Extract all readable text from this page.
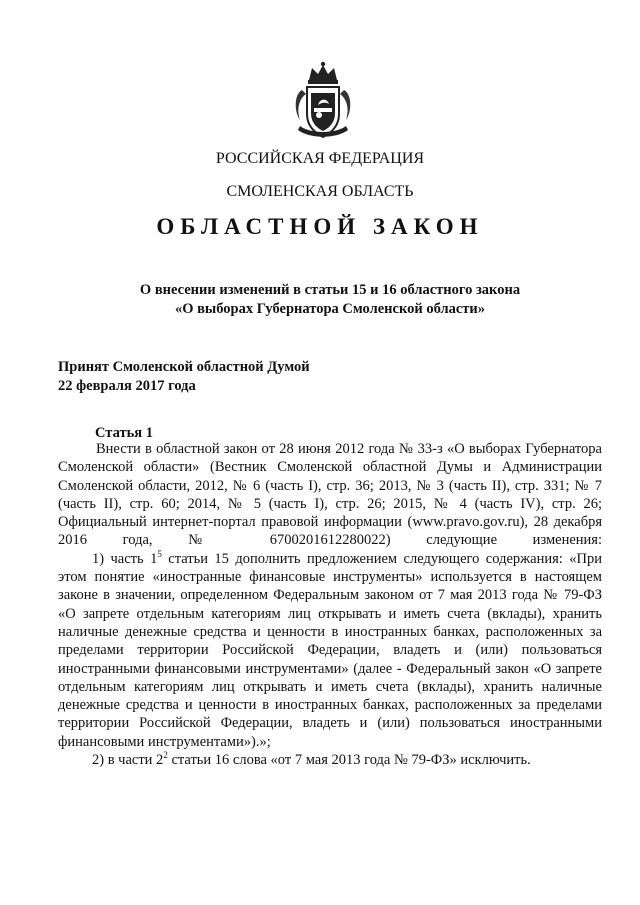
РОССИЙСКАЯ ФЕДЕРАЦИЯ
СМОЛЕНСКАЯ ОБЛАСТЬ
ОБЛАСТНОЙ ЗАКОН
О внесении изменений в статьи 15 и 16 областного закона
«О выборах Губернатора Смоленской области»
Принят Смоленской областной Думой
22 февраля 2017 года
Статья 1

Внести в областной закон от 28 июня 2012 года № 33-з «О выборах Губернатора Смоленской области» (Вестник Смоленской областной Думы и Администрации Смоленской области, 2012, № 6 (часть I), стр. 36; 2013, № 3 (часть II), стр. 331; № 7 (часть II), стр. 60; 2014, № 5 (часть I), стр. 26; 2015, № 4 (часть IV), стр. 26; Официальный интернет-портал правовой информации (www.pravo.gov.ru), 28 декабря 2016 года, № 6700201612280022) следующие изменения:

1) часть $1^5$ статьи 15 дополнить предложением следующего содержания: «При этом понятие «иностранные финансовые инструменты» используется в настоящем законе в значении, определенном Федеральным законом от 7 мая 2013 года № 79-ФЗ «О запрете отдельным категориям лиц открывать и иметь счета (вклады), хранить наличные денежные средства и ценности в иностранных банках, расположенных за пределами территории Российской Федерации, владеть и (или) пользоваться иностранными финансовыми инструментами» (далее - Федеральный закон «О запрете отдельным категориям лиц открывать и иметь счета (вклады), хранить наличные денежные средства и ценности в иностранных банках, расположенных за пределами территории Российской Федерации, владеть и (или) пользоваться иностранными финансовыми инструментами»).»;

2) в части $2^2$ статьи 16 слова «от 7 мая 2013 года № 79-ФЗ» исключить.
